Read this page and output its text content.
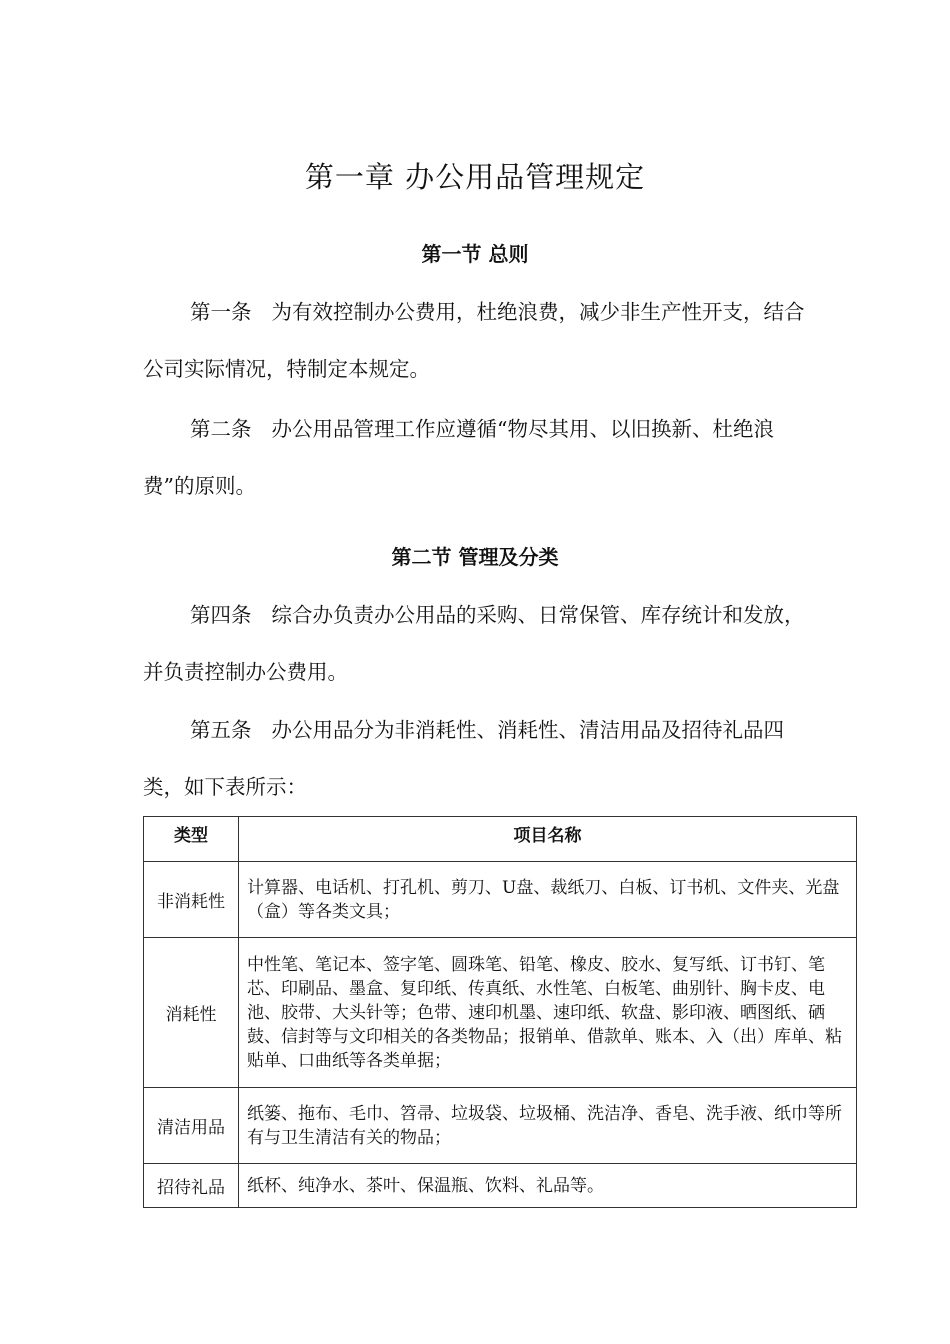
第一章 办公用品管理规定
第一节 总则

第一条 为有效控制办公费用，杜绝浪费，减少非生产性开支，结合公司实际情况，特制定本规定。

第二条 办公用品管理工作应遵循“物尽其用、以旧换新、杜绝浪费”的原则。

第二节 管理及分类

第四条 综合办负责办公用品的采购、日常保管、库存统计和发放，并负责控制办公费用。

第五条 办公用品分为非消耗性、消耗性、清洁用品及招待礼品四类，如下表所示：

类型	项目名称
非消耗性	计算器、电话机、打孔机、剪刀、U盘、裁纸刀、白板、订书机、文件夹、光盘（盒）等各类文具；
消耗性	中性笔、笔记本、签字笔、圆珠笔、铅笔、橡皮、胶水、复写纸、订书钉、笔芯、印刷品、墨盒、复印纸、传真纸、水性笔、白板笔、曲别针、胸卡皮、电池、胶带、大头针等；色带、速印机墨、速印纸、软盘、影印液、晒图纸、硒鼓、信封等与文印相关的各类物品；报销单、借款单、账本、入（出）库单、粘贴单、口曲纸等各类单据；
清洁用品	纸篓、拖布、毛巾、笤帚、垃圾袋、垃圾桶、洗洁净、香皂、洗手液、纸巾等所有与卫生清洁有关的物品；
招待礼品	纸杯、纯净水、茶叶、保温瓶、饮料、礼品等。
